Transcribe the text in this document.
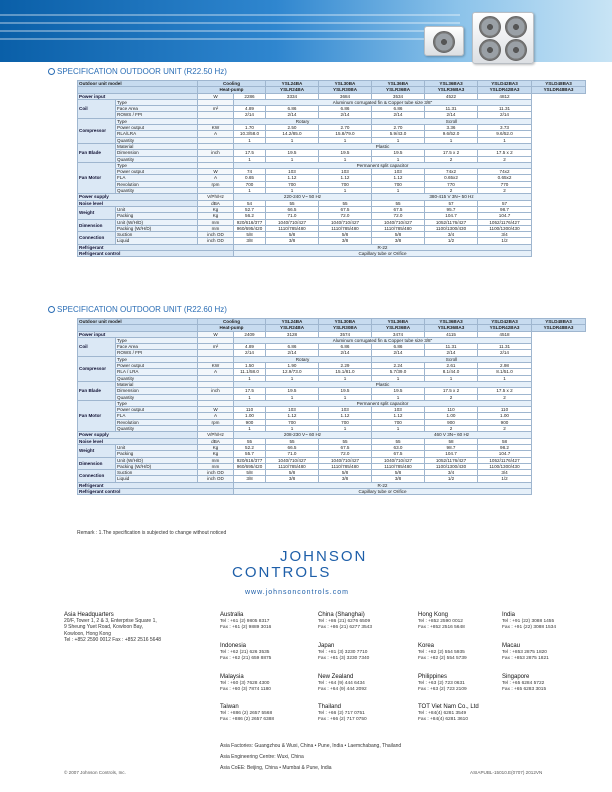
SPECIFICATION OUTDOOR UNIT (R22.50 Hz)
Outdoor unit model		Cooling		YSL24BA	YSL30BA	YSL36BA	YSL36BA3	YSLD42BA3	YSLD48BA3
		Heat-pump		YSLR24BA	YSLR30BA	YSLR36BA	YSLR36BA3	YSLDR42BA3	YSLDR48BA3
Power input		W	2286	3334	3684	3534	4522	4812	
Coil	Type		Aluminum corrugated fin & Copper tube size 3/8"						
	Face Area	m²	4.89	6.86	6.86	6.86	11.31	11.31	
	ROWS / FPI		2/14	2/14	2/14	2/14	2/14	2/14	
Compressor	Type		Rotary			Scroll			
	Power output	KW	1.70	2.50	2.70	2.70	3.36	3.73	
	RLA/LRA	A	10.3/58.0	14.2/85.0	15.8/79.0	5.9/43.0	9.6/52.0	9.6/52.0	
	Quantity		1	1	1	1	1	1	
Fan Blade	Material		Plastic						
	Dimension	inch	17.5	19.5	19.5	19.5	17.5 x 2	17.5 x 2	
	Quantity		1	1	1	1	2	2	
Fan Motor	Type		Permanent split capacitor						
	Power output	W	74	103	103	103	74x2	74x2	
	FLA	A	0.65	1.12	1.12	1.12	0.65x2	0.65x2	
	Revolution	rpm	700	700	700	700	770	770	
	Quantity		1	1	1	1	2	2	
Power supply		V/Ph/Hz	220-240 V~ 50 Hz			380-415 V 3N~ 50 Hz			
Noise level		dBA	54	55	55	55	57	57	
Weight	Unit	Kg	52.7	66.5	67.5	67.5	95.7	98.7	
	Packing	Kg	56.2	71.0	72.0	72.0	104.7	104.7	
Dimension	Unit (W/H/D)	mm	920/616/377	1040/710/427	1040/710/427	1040/710/427	1052/1176/427	1052/1176/427	
	Packing (W/H/D)	mm	960/695/420	1110/785/480	1110/785/480	1110/785/480	1100/1300/430	1100/1300/430	
Connection	Suction	inch OD	5/8	5/8	5/8	5/8	3/4	3/4	
	Liquid	inch OD	3/8	3/8	3/8	3/8	1/2	1/2	
Refrigerant			R-22						
Refrigerant control			Capillary tube or Orifice						
SPECIFICATION OUTDOOR UNIT (R22.60 Hz)
Outdoor unit model		Cooling		YSL24BA	YSL30BA	YSL36BA	YSL36BA3	YSLD42BA3	YSLD48BA3
		Heat-pump		YSLR24BA	YSLR30BA	YSLR36BA	YSLR36BA3	YSLDR42BA3	YSLDR48BA3
Power input		W	2409	3128	3574	3474	4115	4518	
Coil	Type		Aluminum corrugated fin & Copper tube size 3/8"						
	Face Area	m²	4.89	6.86	6.86	6.86	11.31	11.31	
	ROWS / FPI		2/14	2/14	2/14	2/14	2/14	2/14	
Compressor	Type		Rotary			Scroll			
	Power output	KW	1.50	1.90	2.29	2.24	2.61	2.98	
	RLA / LRA	A	11.1/58.0	12.9/73.0	15.1/81.0	5.7/39.0	8.1/44.0	8.1/51.0	
	Quantity		1	1	1	1	1	1	
Fan Blade	Material		Plastic						
	Dimension	inch	17.5	19.5	19.5	19.5	17.5 x 2	17.5 x 2	
	Quantity		1	1	1	1	2	2	
Fan Motor	Type		Permanent split capacitor						
	Power output	W	110	103	103	103	110	110	
	FLA	A	1.00	1.12	1.12	1.12	1.00	1.00	
	Revolution	rpm	900	700	700	700	900	900	
	Quantity		1	1	1	1	2	2	
Power supply		V/Ph/Hz	208-230 V~ 60 Hz			460 V 3N~ 60 Hz			
Noise level		dBA	55	55	55	55	58	58	
Weight	Unit	Kg	52.2	66.5	67.5	63.0	98.7	98.2	
	Packing	Kg	55.7	71.0	72.0	67.5	104.7	104.7	
Dimension	Unit (W/H/D)	mm	920/616/377	1040/710/427	1040/710/427	1040/710/427	1052/1176/427	1052/1176/427	
	Packing (W/H/D)	mm	960/695/420	1110/785/480	1110/785/480	1110/785/480	1100/1300/430	1100/1300/430	
Connection	Suction	inch OD	5/8	5/8	5/8	5/8	3/4	3/4	
	Liquid	inch OD	3/8	3/8	3/8	3/8	1/2	1/2	
Refrigerant			R-22						
Refrigerant control			Capillary tube or Orifice						
Remark : 1.The specification is subjected to change without noticed
JOHNSON
CONTROLS
www.johnsoncontrols.com
Asia Headquarters
20/F, Tower 1, 2 & 3, Enterprise Square 1,
9 Sheung Yuet Road, Kowloon Bay,
Kowloon, Hong Kong
Tel : +852 2590 0012 Fax : +852 2516 5648
Australia
Tel : +61 (2) 9805 8317
Fax : +61 (2) 9889 3016
China (Shanghai)
Tel : +86 (21) 6276 6509
Fax : +86 (21) 6277 3543
Hong Kong
Tel : +852 2590 0012
Fax : +852 2516 5648
India
Tel : +91 (22) 3088 1455
Fax : +91 (22) 3088 1534
Indonesia
Tel : +62 (21) 626 3535
Fax : +62 (21) 659 8875
Japan
Tel : +81 (3) 3230 7710
Fax : +81 (3) 3230 7340
Korea
Tel : +82 (2) 554 5935
Fax : +82 (2) 554 5739
Macau
Tel : +853 2875 1820
Fax : +853 2875 1821
Malaysia
Tel : +60 (3) 7628 4300
Fax : +60 (3) 7874 1180
New Zealand
Tel : +64 (9) 444 6434
Fax : +64 (9) 444 2092
Philippines
Tel : +63 (2) 723 0631
Fax : +63 (2) 723 2109
Singapore
Tel : +65 6284 5722
Fax : +65 6283 3015
Taiwan
Tel : +886 (2) 2657 5568
Fax : +886 (2) 2657 6388
Thailand
Tel : +66 (2) 717 0751
Fax : +66 (2) 717 0750
TOT Viet Nam Co., Ltd
Tel : +84(4) 6281 3549
Fax : +84(4) 6281 3610
Asia Factories: Guangzhou & Wuxi, China • Pune, India • Laemchabang, Thailand
Asia Engineering Centre: Wuxi, China
Asia CoEE: Beijing, China • Mumbai & Pune, India
© 2007 Johnson Controls, Inc.	ASIAPUBL-15010.E(0707) 2012VN
